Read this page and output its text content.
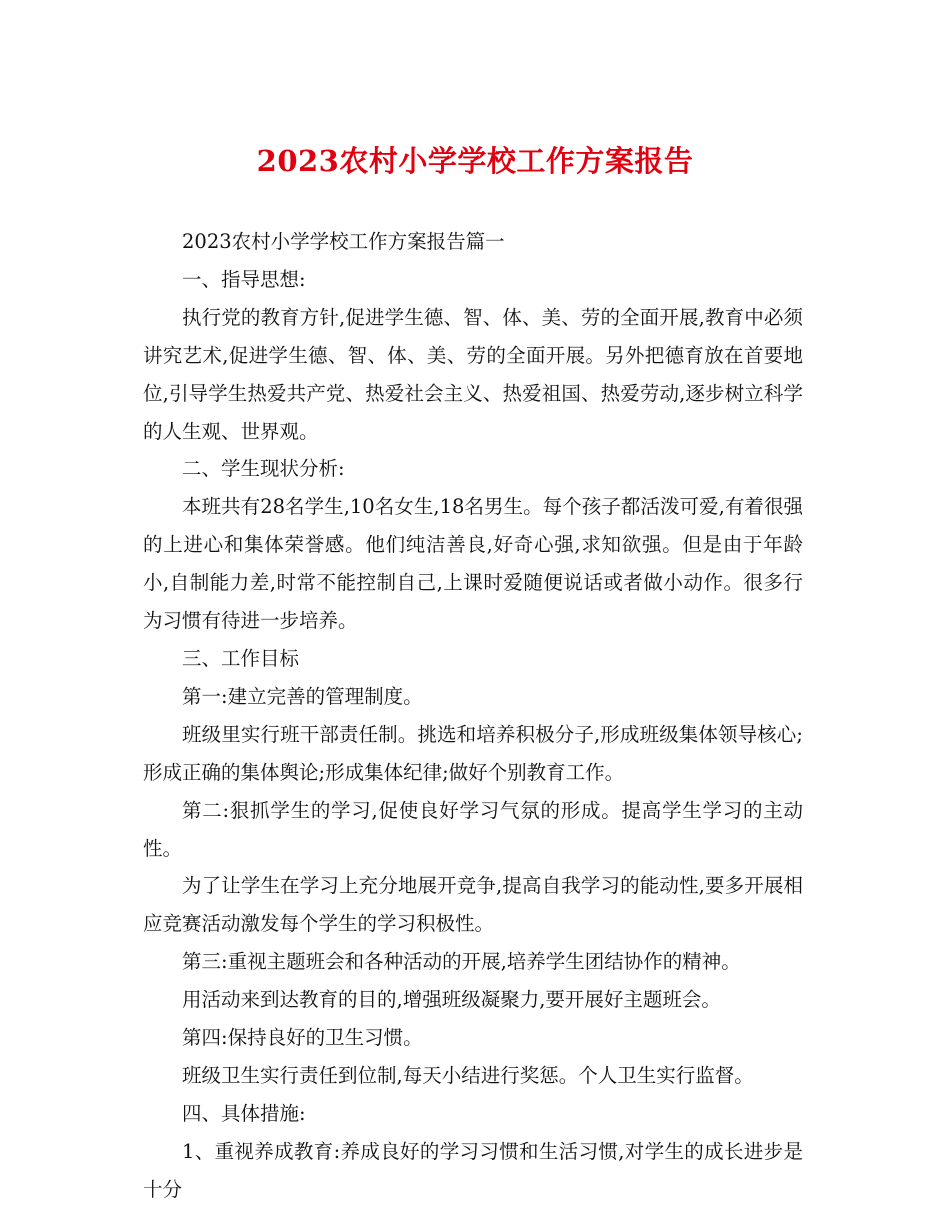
2023农村小学学校工作方案报告

2023农村小学学校工作方案报告篇一

一、指导思想:

执行党的教育方针,促进学生德、智、体、美、劳的全面开展,教育中必须讲究艺术,促进学生德、智、体、美、劳的全面开展。另外把德育放在首要地位,引导学生热爱共产党、热爱社会主义、热爱祖国、热爱劳动,逐步树立科学的人生观、世界观。

二、学生现状分析:

本班共有28名学生,10名女生,18名男生。每个孩子都活泼可爱,有着很强的上进心和集体荣誉感。他们纯洁善良,好奇心强,求知欲强。但是由于年龄小,自制能力差,时常不能控制自己,上课时爱随便说话或者做小动作。很多行为习惯有待进一步培养。

三、工作目标

第一:建立完善的管理制度。

班级里实行班干部责任制。挑选和培养积极分子,形成班级集体领导核心;形成正确的集体舆论;形成集体纪律;做好个别教育工作。

第二:狠抓学生的学习,促使良好学习气氛的形成。提高学生学习的主动性。

为了让学生在学习上充分地展开竞争,提高自我学习的能动性,要多开展相应竞赛活动激发每个学生的学习积极性。

第三:重视主题班会和各种活动的开展,培养学生团结协作的精神。

用活动来到达教育的目的,增强班级凝聚力,要开展好主题班会。

第四:保持良好的卫生习惯。

班级卫生实行责任到位制,每天小结进行奖惩。个人卫生实行监督。

四、具体措施:

1、重视养成教育:养成良好的学习习惯和生活习惯,对学生的成长进步是十分
